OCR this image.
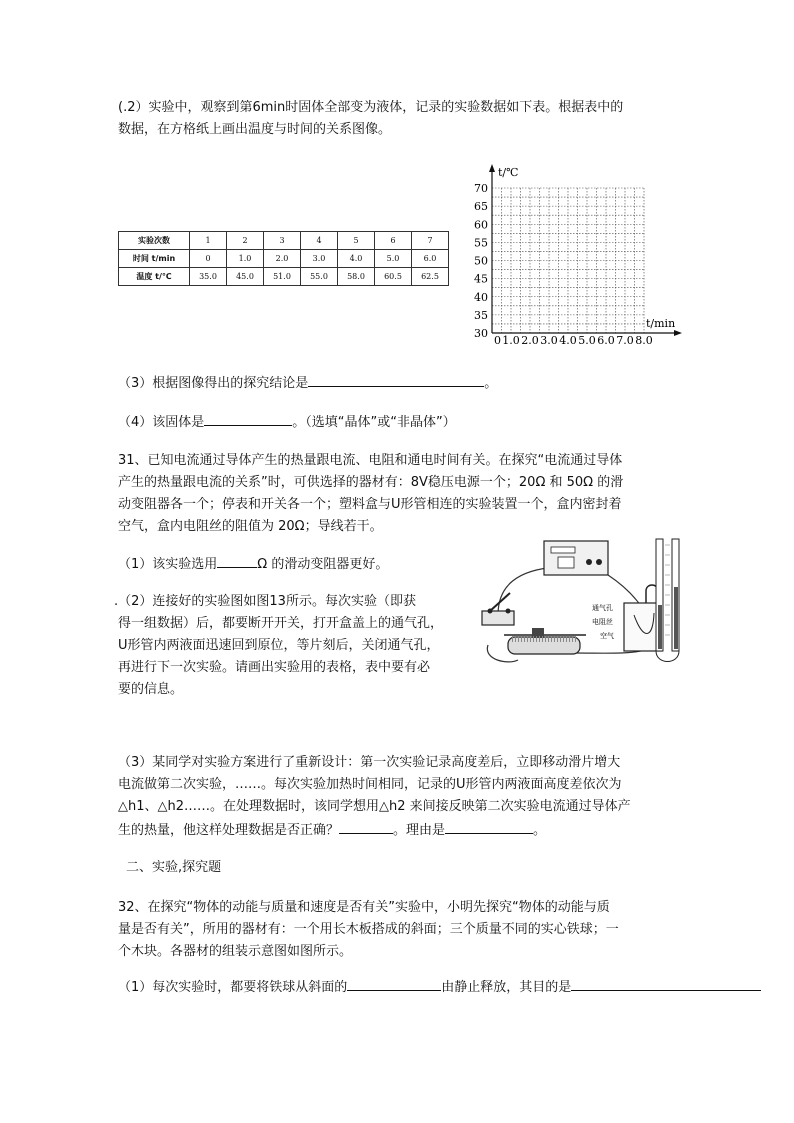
(.2）实验中，观察到第6min时固体全部变为液体，记录的实验数据如下表。根据表中的
数据，在方格纸上画出温度与时间的关系图像。
实验次数	1	2	3	4	5	6	7
时间 t/min	0	1.0	2.0	3.0	4.0	5.0	6.0
温度 t/℃	35.0	45.0	51.0	55.0	58.0	60.5	62.5
t/℃
t/min
70
65
60
55
50
45
40
35
30
0 1.0 2.0 3.0 4.0 5.0 6.0 7.0 8.0
（3）根据图像得出的探究结论是	。
（4）该固体是	。（选填“晶体”或“非晶体”）
31、已知电流通过导体产生的热量跟电流、电阻和通电时间有关。在探究“电流通过导体
产生的热量跟电流的关系”时，可供选择的器材有：8V稳压电源一个；20Ω 和 50Ω 的滑
动变阻器各一个；停表和开关各一个；塑料盒与U形管相连的实验装置一个，盒内密封着
空气，盒内电阻丝的阻值为 20Ω；导线若干。
（1）该实验选用	Ω 的滑动变阻器更好。
.（2）连接好的实验图如图13所示。每次实验（即获
得一组数据）后，都要断开开关，打开盒盖上的通气孔，
U形管内两液面迅速回到原位，等片刻后，关闭通气孔，
再进行下一次实验。请画出实验用的表格，表中要有必
要的信息。
通气孔
电阻丝
空气
（3）某同学对实验方案进行了重新设计：第一次实验记录高度差后，立即移动滑片增大
电流做第二次实验，……。每次实验加热时间相同，记录的U形管内两液面高度差依次为
△h1、△h2……。在处理数据时，该同学想用△h2 来间接反映第二次实验电流通过导体产
生的热量，他这样处理数据是否正确？	。理由是	。
二、实验,探究题
32、在探究“物体的动能与质量和速度是否有关”实验中，小明先探究“物体的动能与质
量是否有关”，所用的器材有：一个用长木板搭成的斜面；三个质量不同的实心铁球；一
个木块。各器材的组装示意图如图所示。
（1）每次实验时，都要将铁球从斜面的	由静止释放，其目的是
